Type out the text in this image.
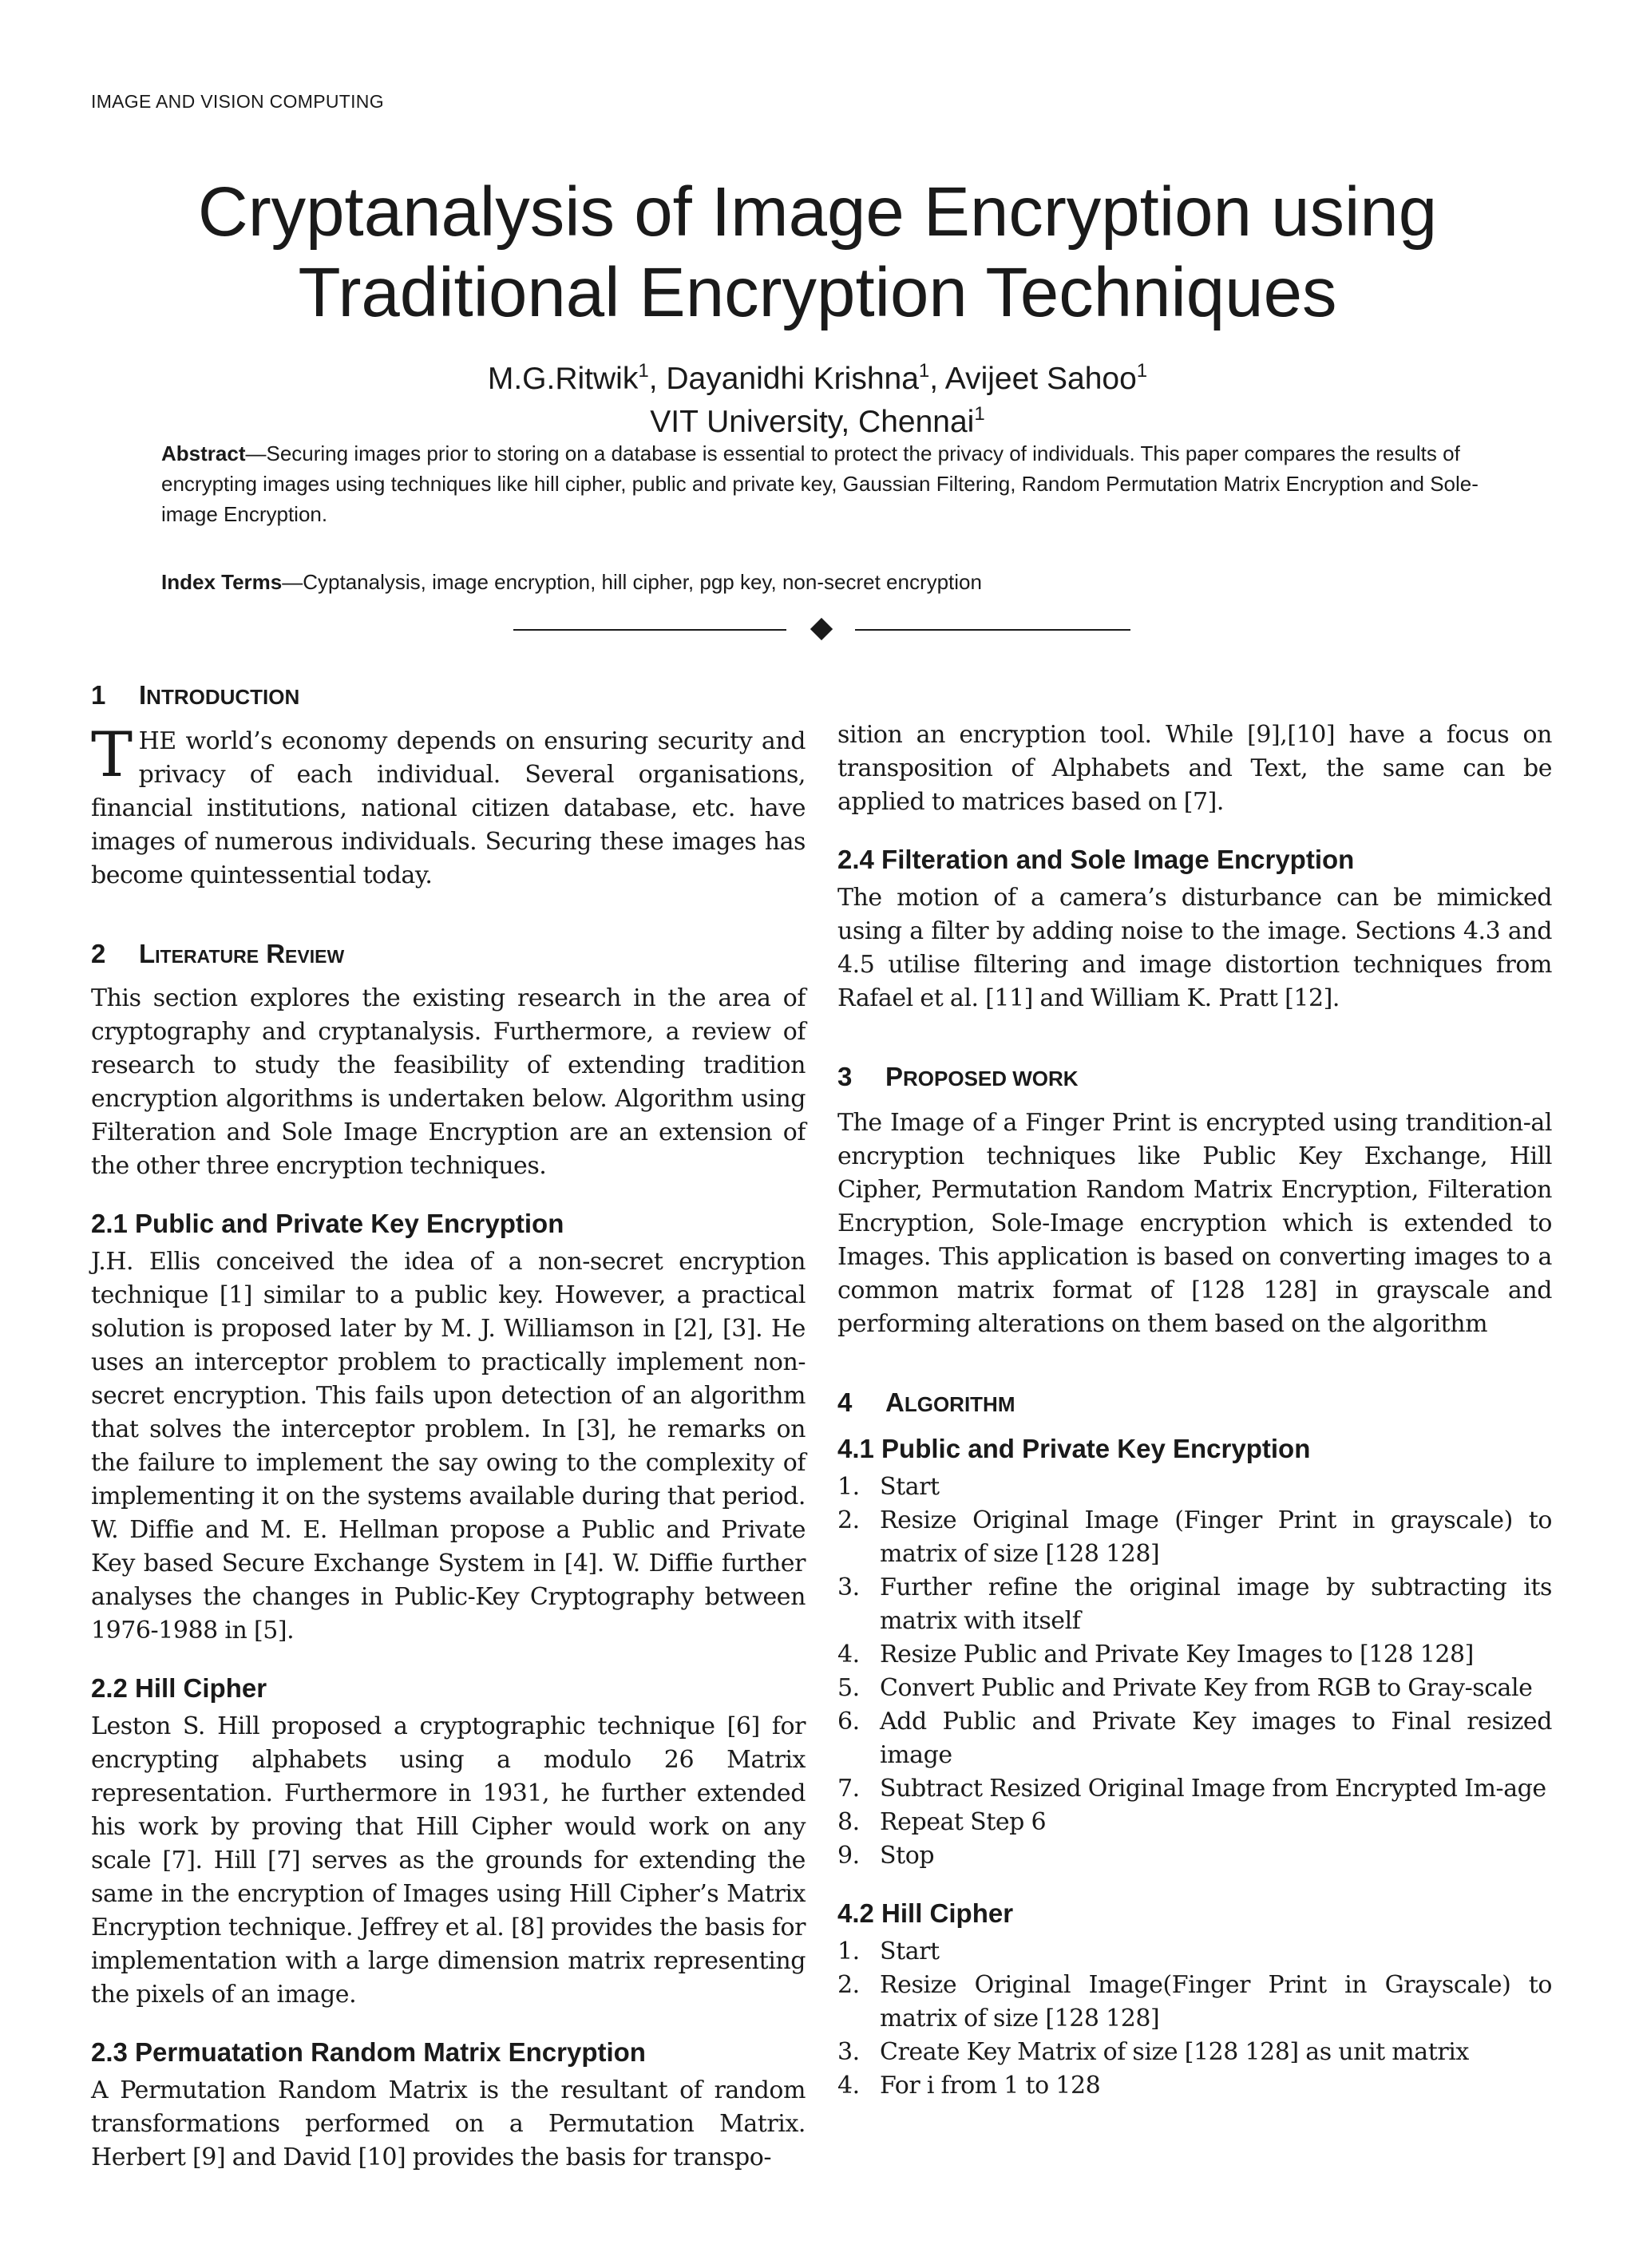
IMAGE AND VISION COMPUTING
Cryptanalysis of Image Encryption using
Traditional Encryption Techniques
M.G.Ritwik$^1$, Dayanidhi Krishna$^1$, Avijeet Sahoo$^1$
VIT University, Chennai$^1$
Abstract—Securing images prior to storing on a database is essential to protect the privacy of individuals. This paper compares the results of encrypting images using techniques like hill cipher, public and private key, Gaussian Filtering, Random Permutation Matrix Encryption and Sole-image Encryption.
Index Terms—Cyptanalysis, image encryption, hill cipher, pgp key, non-secret encryption
1 INTRODUCTION

THE world’s economy depends on ensuring security and privacy of each individual. Several organisations, financial institutions, national citizen database, etc. have images of numerous individuals. Securing these images has become quintessential today.

2 Literature Review

This section explores the existing research in the area of cryptography and cryptanalysis. Furthermore, a review of research to study the feasibility of extending tradition encryption algorithms is undertaken below. Algorithm using Filteration and Sole Image Encryption are an extension of the other three encryption techniques.

2.1 Public and Private Key Encryption

J.H. Ellis conceived the idea of a non-secret encryption technique [1] similar to a public key. However, a practical solution is proposed later by M. J. Williamson in [2], [3]. He uses an interceptor problem to practically implement non-secret encryption. This fails upon detection of an algorithm that solves the interceptor problem. In [3], he remarks on the failure to implement the say owing to the complexity of implementing it on the systems available during that period. W. Diffie and M. E. Hellman propose a Public and Private Key based Secure Exchange System in [4]. W. Diffie further analyses the changes in Public-Key Cryptography between 1976-1988 in [5].

2.2 Hill Cipher

Leston S. Hill proposed a cryptographic technique [6] for encrypting alphabets using a modulo 26 Matrix representation. Furthermore in 1931, he further extended his work by proving that Hill Cipher would work on any scale [7]. Hill [7] serves as the grounds for extending the same in the encryption of Images using Hill Cipher’s Matrix Encryption technique. Jeffrey et al. [8] provides the basis for implementation with a large dimension matrix representing the pixels of an image.

2.3 Permuatation Random Matrix Encryption

A Permutation Random Matrix is the resultant of random transformations performed on a Permutation Matrix. Herbert [9] and David [10] provides the basis for transpo-

sition an encryption tool. While [9],[10] have a focus on transposition of Alphabets and Text, the same can be applied to matrices based on [7].

2.4 Filteration and Sole Image Encryption

The motion of a camera’s disturbance can be mimicked using a filter by adding noise to the image. Sections 4.3 and 4.5 utilise filtering and image distortion techniques from Rafael et al. [11] and William K. Pratt [12].

3 PROPOSED WORK

The Image of a Finger Print is encrypted using trandition-al encryption techniques like Public Key Exchange, Hill Cipher, Permutation Random Matrix Encryption, Filteration Encryption, Sole-Image encryption which is extended to Images. This application is based on converting images to a common matrix format of [128 128] in grayscale and performing alterations on them based on the algorithm

4 ALGORITHM
4.1 Public and Private Key Encryption
1. Start
2. Resize Original Image (Finger Print in grayscale) to matrix of size [128 128]
3. Further refine the original image by subtracting its matrix with itself
4. Resize Public and Private Key Images to [128 128]
5. Convert Public and Private Key from RGB to Gray-scale
6. Add Public and Private Key images to Final resized image
7. Subtract Resized Original Image from Encrypted Im-age
8. Repeat Step 6
9. Stop
4.2 Hill Cipher
1. Start
2. Resize Original Image(Finger Print in Grayscale) to matrix of size [128 128]
3. Create Key Matrix of size [128 128] as unit matrix
4. For i from 1 to 128
